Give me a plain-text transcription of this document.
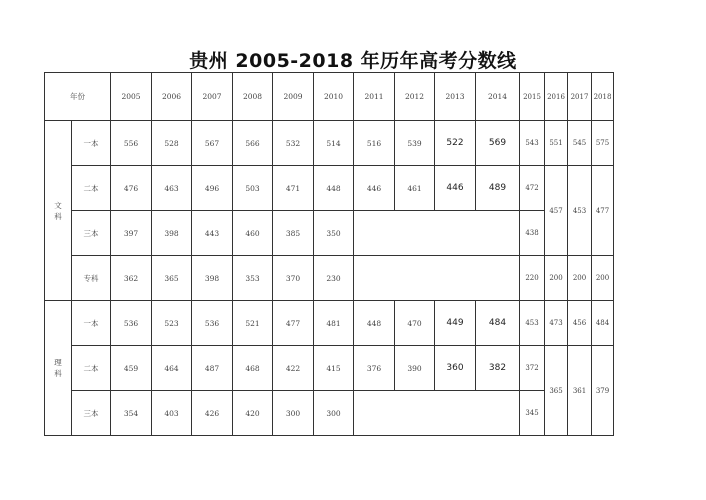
贵州 2005-2018 年历年高考分数线
年份		2005	2006	2007	2008	2009	2010	2011	2012	2013	2014	2015	2016	2017	2018

文
科	一本	556	528	567	566	532	514	516	539	522	569	543	551	545	575
	二本	476	463	496	503	471	448	446	461	446	489	472	457	453	477
	三本	397	398	443	460	385	350					438			
	专科	362	365	398	353	370	230					220	200	200	200

理
科	一本	536	523	536	521	477	481	448	470	449	484	453	473	456	484
	二本	459	464	487	468	422	415	376	390	360	382	372	365	361	379
	三本	354	403	426	420	300	300					345			
